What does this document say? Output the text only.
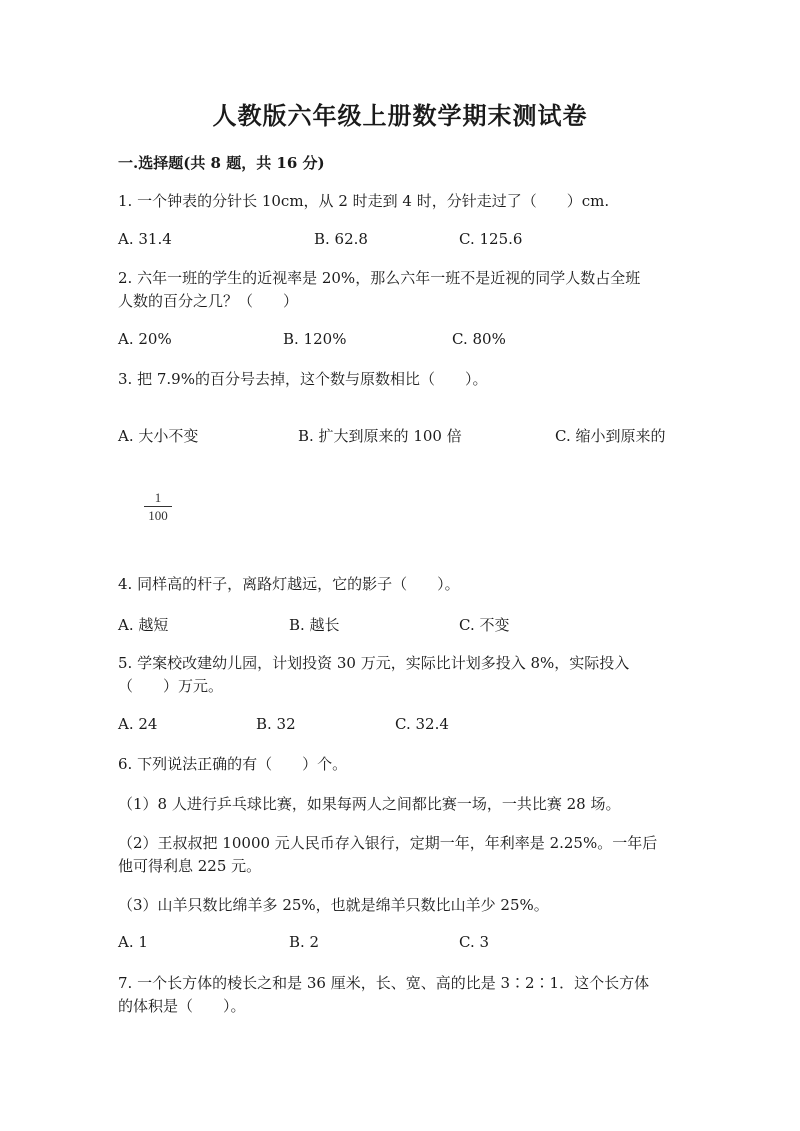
人教版六年级上册数学期末测试卷
一.选择题(共 8 题，共 16 分)
1. 一个钟表的分针长 10cm，从 2 时走到 4 时，分针走过了（　　）cm.
A. 31.4	B. 62.8	C. 125.6
2. 六年一班的学生的近视率是 20%，那么六年一班不是近视的同学人数占全班
人数的百分之几？（　　）
A. 20%	B. 120%	C. 80%
3. 把 7.9%的百分号去掉，这个数与原数相比（　　）。
A. 大小不变	B. 扩大到原来的 100 倍	C. 缩小到原来的
1
100
4. 同样高的杆子，离路灯越远，它的影子（　　）。
A. 越短	B. 越长	C. 不变
5. 学案校改建幼儿园，计划投资 30 万元，实际比计划多投入 8%，实际投入
（　　）万元。
A. 24	B. 32	C. 32.4
6. 下列说法正确的有（　　）个。
（1）8 人进行乒乓球比赛，如果每两人之间都比赛一场，一共比赛 28 场。
（2）王叔叔把 10000 元人民币存入银行，定期一年，年利率是 2.25%。一年后
他可得利息 225 元。
（3）山羊只数比绵羊多 25%，也就是绵羊只数比山羊少 25%。
A. 1	B. 2	C. 3
7. 一个长方体的棱长之和是 36 厘米，长、宽、高的比是 3∶2∶1．这个长方体
的体积是（　　）。
